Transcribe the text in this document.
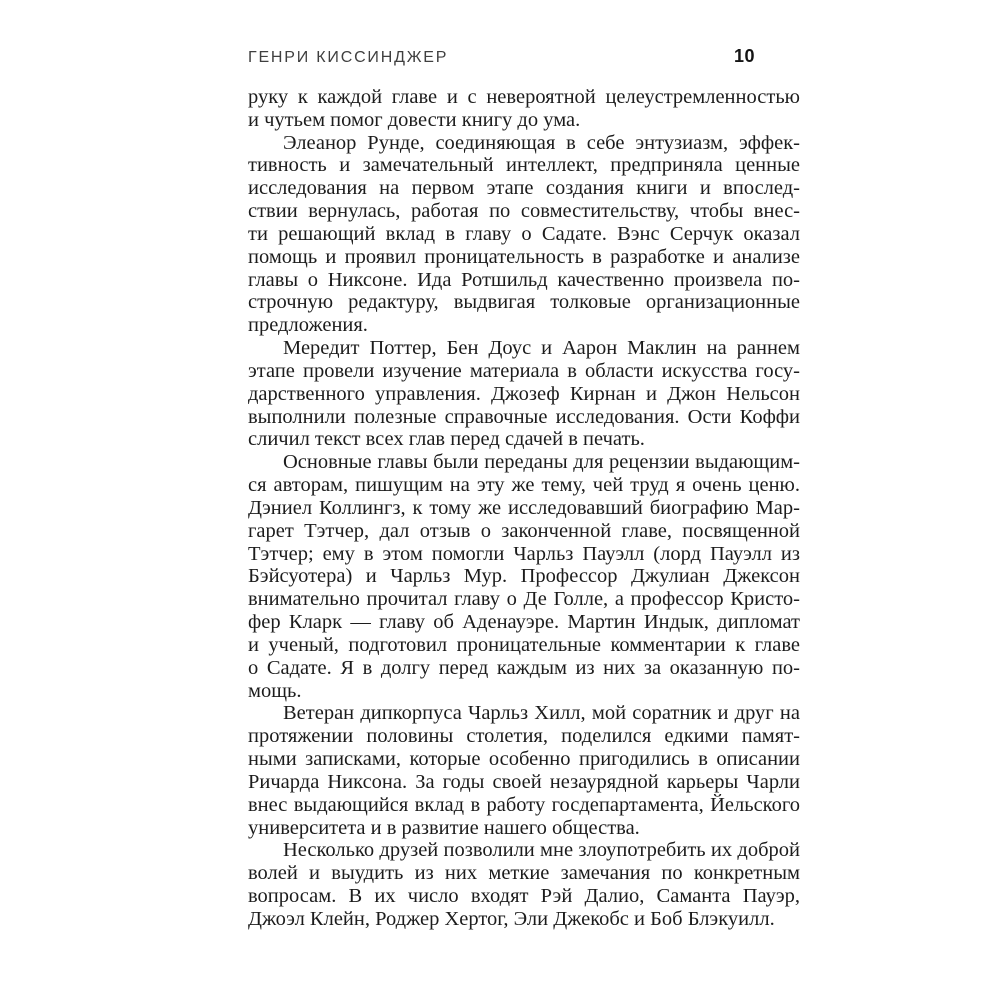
ГЕНРИ КИССИНДЖЕР	10
руку к каждой главе и с невероятной целеустремленностью
и чутьем помог довести книгу до ума.
Элеанор Рунде, соединяющая в себе энтузиазм, эффек-
тивность и замечательный интеллект, предприняла ценные
исследования на первом этапе создания книги и впослед-
ствии вернулась, работая по совместительству, чтобы внес-
ти решающий вклад в главу о Садате. Вэнс Серчук оказал
помощь и проявил проницательность в разработке и анализе
главы о Никсоне. Ида Ротшильд качественно произвела по-
строчную редактуру, выдвигая толковые организационные
предложения.
Мередит Поттер, Бен Доус и Аарон Маклин на раннем
этапе провели изучение материала в области искусства госу-
дарственного управления. Джозеф Кирнан и Джон Нельсон
выполнили полезные справочные исследования. Ости Коффи
сличил текст всех глав перед сдачей в печать.
Основные главы были переданы для рецензии выдающим-
ся авторам, пишущим на эту же тему, чей труд я очень ценю.
Дэниел Коллингз, к тому же исследовавший биографию Мар-
гарет Тэтчер, дал отзыв о законченной главе, посвященной
Тэтчер; ему в этом помогли Чарльз Пауэлл (лорд Пауэлл из
Бэйсуотера) и Чарльз Мур. Профессор Джулиан Джексон
внимательно прочитал главу о Де Голле, а профессор Кристо-
фер Кларк — главу об Аденауэре. Мартин Индык, дипломат
и ученый, подготовил проницательные комментарии к главе
о Садате. Я в долгу перед каждым из них за оказанную по-
мощь.
Ветеран дипкорпуса Чарльз Хилл, мой соратник и друг на
протяжении половины столетия, поделился едкими памят-
ными записками, которые особенно пригодились в описании
Ричарда Никсона. За годы своей незаурядной карьеры Чарли
внес выдающийся вклад в работу госдепартамента, Йельского
университета и в развитие нашего общества.
Несколько друзей позволили мне злоупотребить их доброй
волей и выудить из них меткие замечания по конкретным
вопросам. В их число входят Рэй Далио, Саманта Пауэр,
Джоэл Клейн, Роджер Хертог, Эли Джекобс и Боб Блэкуилл.
